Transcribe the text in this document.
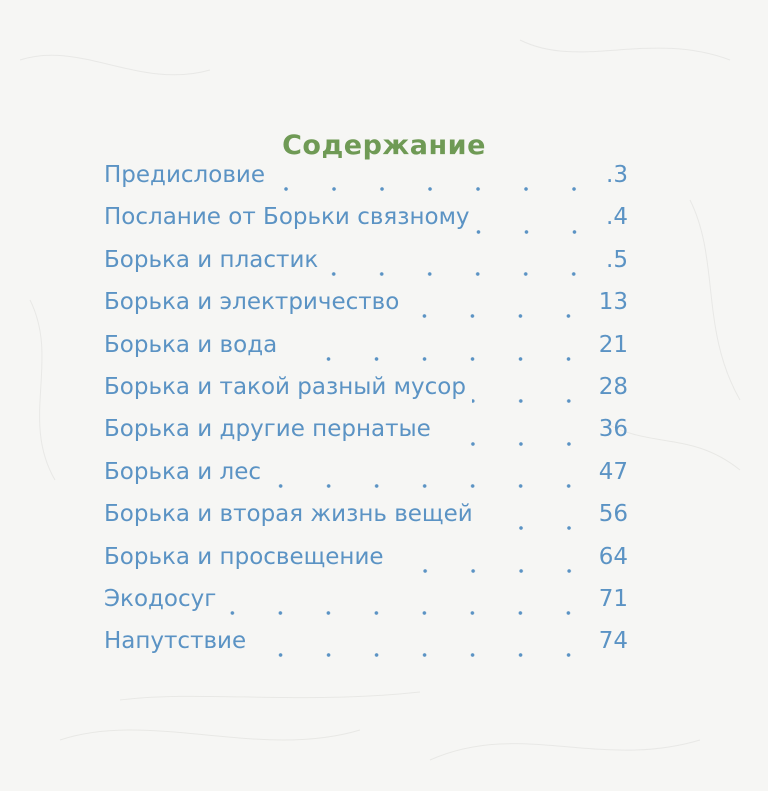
Содержание
Предисловие	.3
Послание от Борьки связному	.4
Борька и пластик	.5
Борька и электричество	13
Борька и вода	21
Борька и такой разный мусор	28
Борька и другие пернатые	36
Борька и лес	47
Борька и вторая жизнь вещей	56
Борька и просвещение	64
Экодосуг	71
Напутствие	74
